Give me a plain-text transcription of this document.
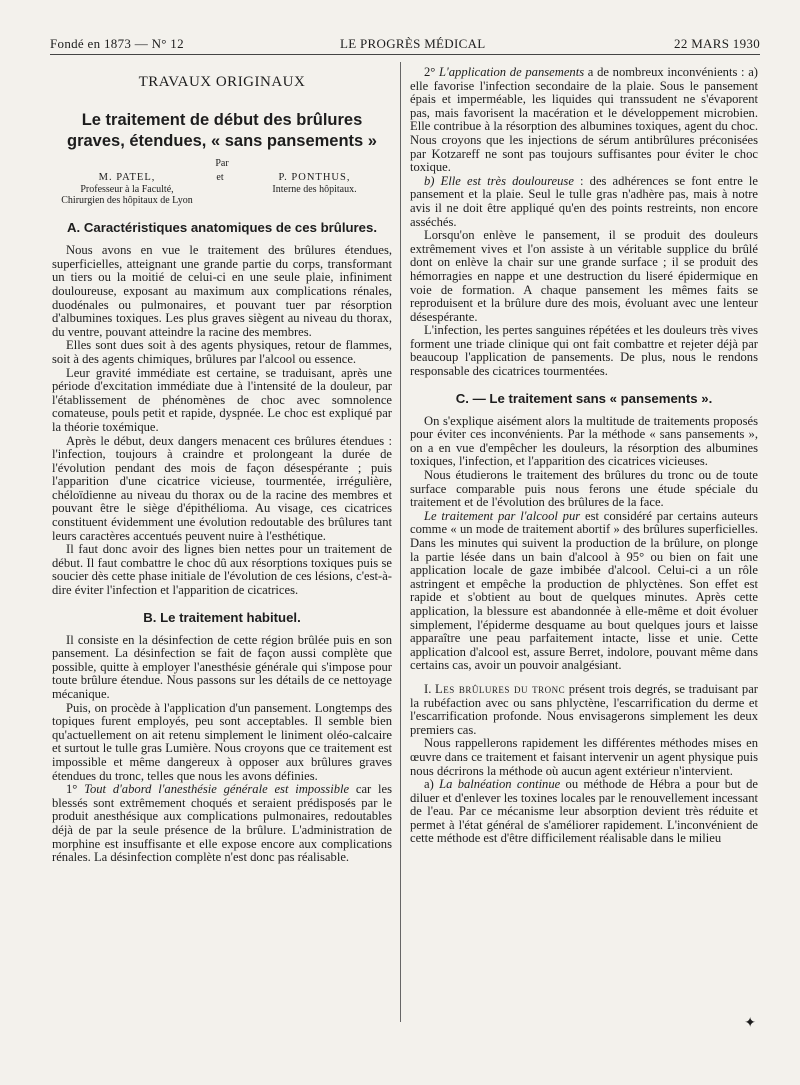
Fondé en 1873 — N° 12	LE PROGRÈS MÉDICAL	22 MARS 1930
TRAVAUX ORIGINAUX
Le traitement de début des brûlures graves, étendues, « sans pansements »
Par
M. PATEL,
Professeur à la Faculté,
Chirurgien des hôpitaux de Lyon
et	P. PONTHUS,
Interne des hôpitaux.
A. Caractéristiques anatomiques de ces brûlures.

Nous avons en vue le traitement des brûlures étendues, superficielles, atteignant une grande partie du corps, transformant un tiers ou la moitié de celui-ci en une seule plaie, infiniment douloureuse, exposant au maximum aux complications rénales, duodénales ou pulmonaires, et pouvant tuer par résorption d'albumines toxiques. Les plus graves siègent au niveau du thorax, du ventre, pouvant atteindre la racine des membres.

Elles sont dues soit à des agents physiques, retour de flammes, soit à des agents chimiques, brûlures par l'alcool ou essence.

Leur gravité immédiate est certaine, se traduisant, après une période d'excitation immédiate due à l'intensité de la douleur, par l'établissement de phénomènes de choc avec somnolence comateuse, pouls petit et rapide, dyspnée. Le choc est expliqué par la théorie toxémique.

Après le début, deux dangers menacent ces brûlures étendues : l'infection, toujours à craindre et prolongeant la durée de l'évolution pendant des mois de façon désespérante ; puis l'apparition d'une cicatrice vicieuse, tourmentée, irrégulière, chéloïdienne au niveau du thorax ou de la racine des membres et pouvant être le siège d'épithélioma. Au visage, ces cicatrices constituent évidemment une évolution redoutable des brûlures tant leurs caractères accentués peuvent nuire à l'esthétique.

Il faut donc avoir des lignes bien nettes pour un traitement de début. Il faut combattre le choc dû aux résorptions toxiques puis se soucier dès cette phase initiale de l'évolution de ces lésions, c'est-à-dire éviter l'infection et l'apparition de cicatrices.

B. Le traitement habituel.

Il consiste en la désinfection de cette région brûlée puis en son pansement. La désinfection se fait de façon aussi complète que possible, quitte à employer l'anesthésie générale qui s'impose pour toute brûlure étendue. Nous passons sur les détails de ce nettoyage mécanique.

Puis, on procède à l'application d'un pansement. Longtemps des topiques furent employés, peu sont acceptables. Il semble bien qu'actuellement on ait retenu simplement le liniment oléo-calcaire et surtout le tulle gras Lumière. Nous croyons que ce traitement est impossible et même dangereux à opposer aux brûlures graves étendues du tronc, telles que nous les avons définies.

1° Tout d'abord l'anesthésie générale est impossible car les blessés sont extrêmement choqués et seraient prédisposés par le produit anesthésique aux complications pulmonaires, redoutables déjà de par la seule présence de la brûlure. L'administration de morphine est insuffisante et elle expose encore aux complications rénales. La désinfection complète n'est donc pas réalisable.

2° L'application de pansements a de nombreux inconvénients : a) elle favorise l'infection secondaire de la plaie. Sous le pansement épais et imperméable, les liquides qui transsudent ne s'évaporent pas, mais favorisent la macération et le développement microbien. Elle contribue à la résorption des albumines toxiques, agent du choc. Nous croyons que les injections de sérum antibrûlures préconisées par Kotzareff ne sont pas toujours suffisantes pour éviter le choc toxique.

b) Elle est très douloureuse : des adhérences se font entre le pansement et la plaie. Seul le tulle gras n'adhère pas, mais à notre avis il ne doit être appliqué qu'en des points restreints, non encore asséchés.

Lorsqu'on enlève le pansement, il se produit des douleurs extrêmement vives et l'on assiste à un véritable supplice du brûlé dont on enlève la chair sur une grande surface ; il se produit des hémorragies en nappe et une destruction du liseré épidermique en voie de formation. A chaque pansement les mêmes faits se reproduisent et la brûlure dure des mois, évoluant avec une lenteur désespérante.

L'infection, les pertes sanguines répétées et les douleurs très vives forment une triade clinique qui ont fait combattre et rejeter déjà par beaucoup l'application de pansements. De plus, nous le rendons responsable des cicatrices tourmentées.

C. — Le traitement sans « pansements ».

On s'explique aisément alors la multitude de traitements proposés pour éviter ces inconvénients. Par la méthode « sans pansements », on a en vue d'empêcher les douleurs, la résorption des albumines toxiques, l'infection, et l'apparition des cicatrices vicieuses.

Nous étudierons le traitement des brûlures du tronc ou de toute surface comparable puis nous ferons une étude spéciale du traitement et de l'évolution des brûlures de la face.

Le traitement par l'alcool pur est considéré par certains auteurs comme « un mode de traitement abortif » des brûlures superficielles. Dans les minutes qui suivent la production de la brûlure, on plonge la partie lésée dans un bain d'alcool à 95° ou bien on fait une application locale de gaze imbibée d'alcool. Celui-ci a un rôle astringent et empêche la production de phlyctènes. Son effet est rapide et s'obtient au bout de quelques minutes. Après cette application, la blessure est abandonnée à elle-même et doit évoluer simplement, l'épiderme desquame au bout quelques jours et laisse apparaître une peau parfaitement intacte, lisse et unie. Cette application d'alcool est, assure Berret, indolore, pouvant même dans certains cas, avoir un pouvoir analgésiant.

I. Les brûlures du tronc présent trois degrés, se traduisant par la rubéfaction avec ou sans phlyctène, l'escarrification du derme et l'escarrification profonde. Nous envisagerons simplement les deux premiers cas.

Nous rappellerons rapidement les différentes méthodes mises en œuvre dans ce traitement et faisant intervenir un agent physique puis nous décrirons la méthode où aucun agent extérieur n'intervient.

a) La balnéation continue ou méthode de Hébra a pour but de diluer et d'enlever les toxines locales par le renouvellement incessant de l'eau. Par ce mécanisme leur absorption devient très réduite et permet à l'état général de s'améliorer rapidement. L'inconvénient de cette méthode est d'être difficilement réalisable dans le milieu

✦
